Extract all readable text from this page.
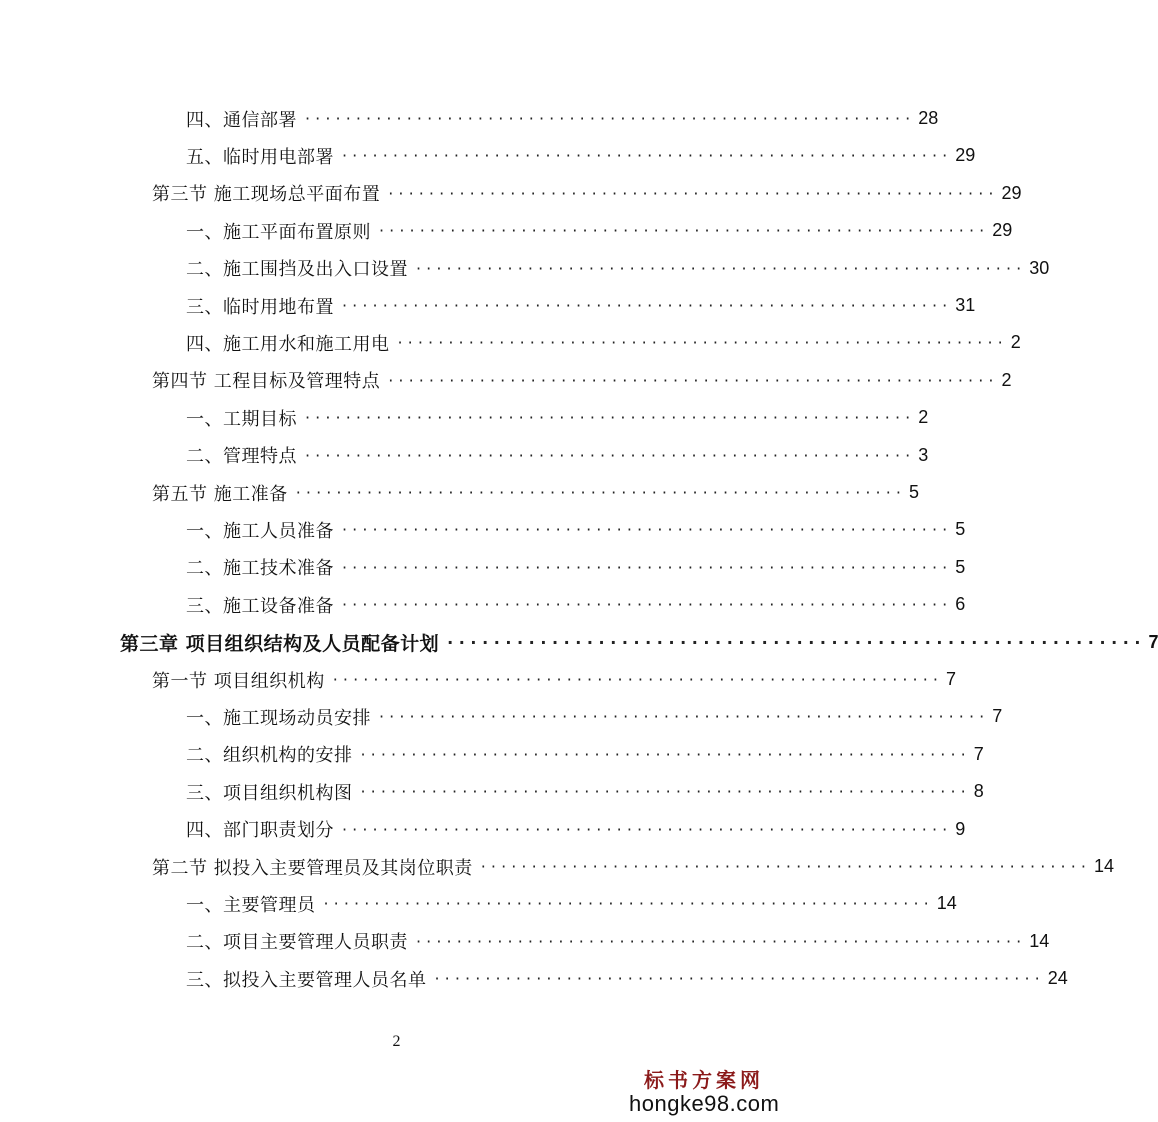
四、通信部署 · · · · · · · · · · · · · · · · · · · · · · · · · · · · · · · · · · · · · · · · · · · · · · · · · · · · · · · · · · · · 28
五、临时用电部署 · · · · · · · · · · · · · · · · · · · · · · · · · · · · · · · · · · · · · · · · · · · · · · · · · · · · · · · · · · · · 29
第三节 施工现场总平面布置 · · · · · · · · · · · · · · · · · · · · · · · · · · · · · · · · · · · · · · · · · · · · · · · · · · · · · · · · · · · · 29
一、施工平面布置原则 · · · · · · · · · · · · · · · · · · · · · · · · · · · · · · · · · · · · · · · · · · · · · · · · · · · · · · · · · · · · 29
二、施工围挡及出入口设置 · · · · · · · · · · · · · · · · · · · · · · · · · · · · · · · · · · · · · · · · · · · · · · · · · · · · · · · · · · · · 30
三、临时用地布置 · · · · · · · · · · · · · · · · · · · · · · · · · · · · · · · · · · · · · · · · · · · · · · · · · · · · · · · · · · · · 31
四、施工用水和施工用电 · · · · · · · · · · · · · · · · · · · · · · · · · · · · · · · · · · · · · · · · · · · · · · · · · · · · · · · · · · · · 2
第四节 工程目标及管理特点 · · · · · · · · · · · · · · · · · · · · · · · · · · · · · · · · · · · · · · · · · · · · · · · · · · · · · · · · · · · · 2
一、工期目标 · · · · · · · · · · · · · · · · · · · · · · · · · · · · · · · · · · · · · · · · · · · · · · · · · · · · · · · · · · · · 2
二、管理特点 · · · · · · · · · · · · · · · · · · · · · · · · · · · · · · · · · · · · · · · · · · · · · · · · · · · · · · · · · · · · 3
第五节 施工准备 · · · · · · · · · · · · · · · · · · · · · · · · · · · · · · · · · · · · · · · · · · · · · · · · · · · · · · · · · · · · 5
一、施工人员准备 · · · · · · · · · · · · · · · · · · · · · · · · · · · · · · · · · · · · · · · · · · · · · · · · · · · · · · · · · · · · 5
二、施工技术准备 · · · · · · · · · · · · · · · · · · · · · · · · · · · · · · · · · · · · · · · · · · · · · · · · · · · · · · · · · · · · 5
三、施工设备准备 · · · · · · · · · · · · · · · · · · · · · · · · · · · · · · · · · · · · · · · · · · · · · · · · · · · · · · · · · · · · 6
第三章 项目组织结构及人员配备计划 · · · · · · · · · · · · · · · · · · · · · · · · · · · · · · · · · · · · · · · · · · · · · · · · · · · · · · · · · · · · 7
第一节 项目组织机构 · · · · · · · · · · · · · · · · · · · · · · · · · · · · · · · · · · · · · · · · · · · · · · · · · · · · · · · · · · · · 7
一、施工现场动员安排 · · · · · · · · · · · · · · · · · · · · · · · · · · · · · · · · · · · · · · · · · · · · · · · · · · · · · · · · · · · · 7
二、组织机构的安排 · · · · · · · · · · · · · · · · · · · · · · · · · · · · · · · · · · · · · · · · · · · · · · · · · · · · · · · · · · · · 7
三、项目组织机构图 · · · · · · · · · · · · · · · · · · · · · · · · · · · · · · · · · · · · · · · · · · · · · · · · · · · · · · · · · · · · 8
四、部门职责划分 · · · · · · · · · · · · · · · · · · · · · · · · · · · · · · · · · · · · · · · · · · · · · · · · · · · · · · · · · · · · 9
第二节 拟投入主要管理员及其岗位职责 · · · · · · · · · · · · · · · · · · · · · · · · · · · · · · · · · · · · · · · · · · · · · · · · · · · · · · · · · · · · 14
一、主要管理员 · · · · · · · · · · · · · · · · · · · · · · · · · · · · · · · · · · · · · · · · · · · · · · · · · · · · · · · · · · · · 14
二、项目主要管理人员职责 · · · · · · · · · · · · · · · · · · · · · · · · · · · · · · · · · · · · · · · · · · · · · · · · · · · · · · · · · · · · 14
三、拟投入主要管理人员名单 · · · · · · · · · · · · · · · · · · · · · · · · · · · · · · · · · · · · · · · · · · · · · · · · · · · · · · · · · · · · 24
2
标书方案网
hongke98.com
